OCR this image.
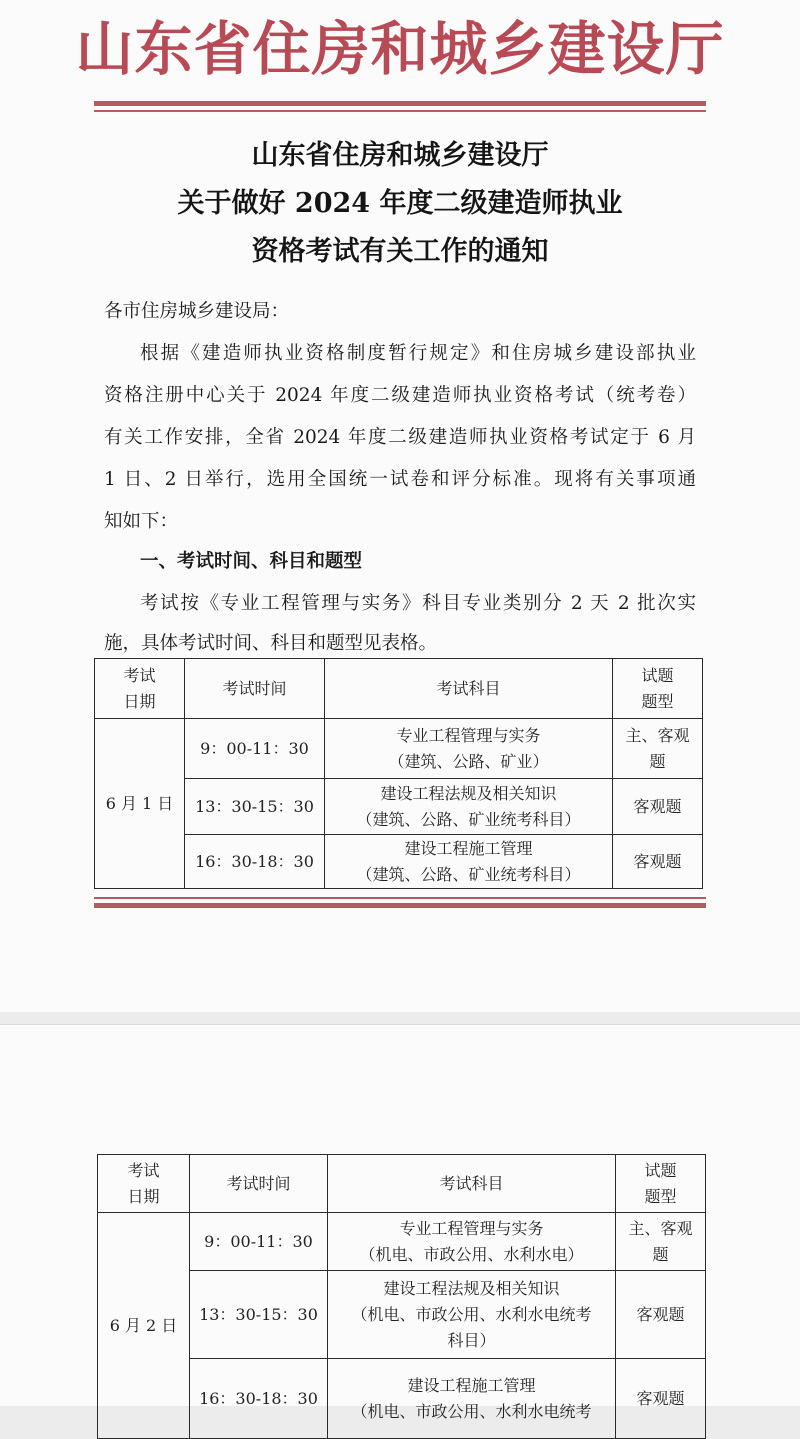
山东省住房和城乡建设厅
山东省住房和城乡建设厅
关于做好 2024 年度二级建造师执业
资格考试有关工作的通知
各市住房城乡建设局：
根据《建造师执业资格制度暂行规定》和住房城乡建设部执业
资格注册中心关于 2024 年度二级建造师执业资格考试（统考卷）
有关工作安排，全省 2024 年度二级建造师执业资格考试定于 6 月
1 日、2 日举行，选用全国统一试卷和评分标准。现将有关事项通
知如下：
一、考试时间、科目和题型
考试按《专业工程管理与实务》科目专业类别分 2 天 2 批次实
施，具体考试时间、科目和题型见表格。
考试
日期	考试时间	考试科目	试题
题型
6 月 1 日	9：00-11：30	专业工程管理与实务
（建筑、公路、矿业）	主、客观
题
	13：30-15：30	建设工程法规及相关知识
（建筑、公路、矿业统考科目）	客观题
	16：30-18：30	建设工程施工管理
（建筑、公路、矿业统考科目）	客观题
考试
日期	考试时间	考试科目	试题
题型
6 月 2 日	9：00-11：30	专业工程管理与实务
（机电、市政公用、水利水电）	主、客观
题
	13：30-15：30	建设工程法规及相关知识
（机电、市政公用、水利水电统考
科目）	客观题
	16：30-18：30	建设工程施工管理
（机电、市政公用、水利水电统考	客观题
